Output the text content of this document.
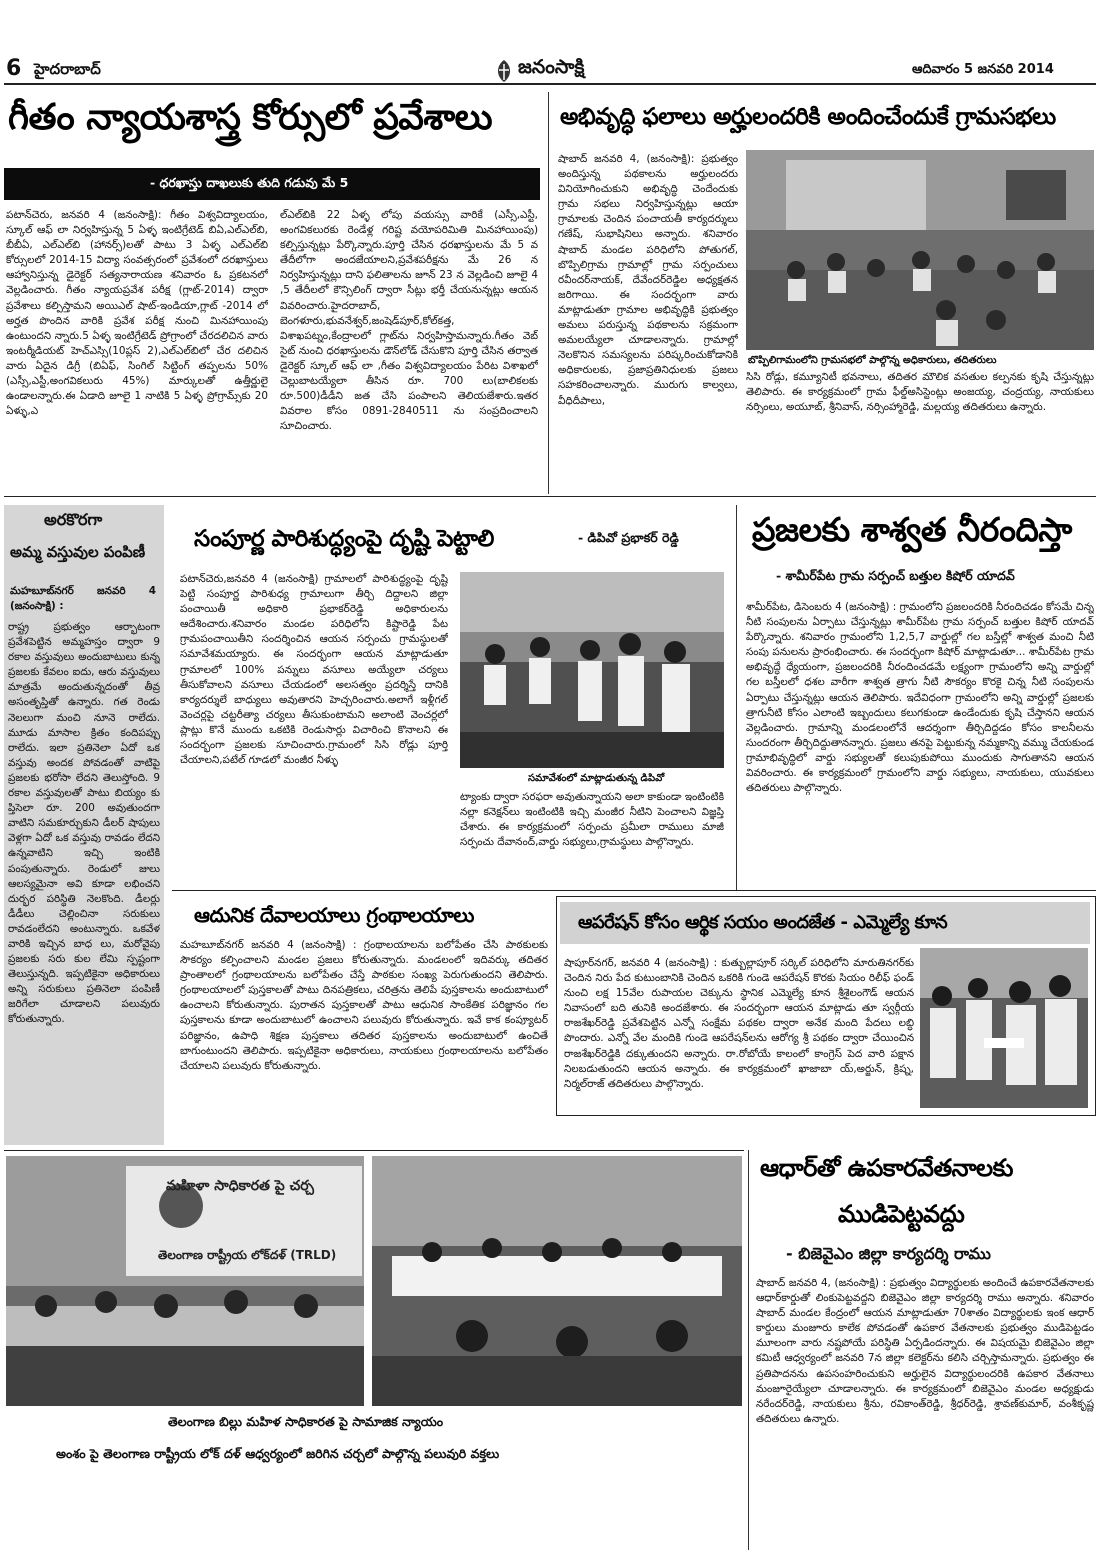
6 హైదరాబాద్	జనంసాక్షి	ఆదివారం 5 జనవరి 2014
గీతం న్యాయశాస్త్ర కోర్సులో ప్రవేశాలు
- ధరఖాస్తు దాఖలుకు తుది గడువు మే 5
పటాన్‌చెరు, జనవరి 4 (జనంసాక్షి): గీతం విశ్వవిద్యాలయం, స్కూల్ ఆఫ్ లా నిర్వహిస్తున్న 5 ఏళ్ళ ఇంటిగ్రేటెడ్ బిఏ,ఎల్ఎల్‌బి, బీబీఏ, ఎల్ఎల్‌బి (హానర్స్)లతో పాటు 3 ఏళ్ళ ఎల్ఎల్‌బి కోర్సులలో 2014-15 విద్యా సంవత్సరంలో ప్రవేశంలో దరఖాస్తులు ఆహ్వానిస్తున్న డైరెక్టర్ సత్యనారాయణ శనివారం ఓ ప్రకటనలో వెల్లడించారు. గీతం న్యాయప్రవేశ పరీక్ష (గ్లాట్-2014) ద్వారా ప్రవేశాలు కల్పిస్తామని అయిఎల్ షాట్-ఇండియా,గ్లాట్ -2014 లో అర్హత పొందిన వారికి ప్రవేశ పరీక్ష నుంచి మినహాయింపు ఉంటుందని న్నారు.5 ఏళ్ళ ఇంటిగ్రేటెడ్ ప్రోగ్రాంలో చేరదలిచిన వారు ఇంటర్మీడియట్ హెచ్ఎస్సి(10ప్లస్ 2),ఎల్ఎల్‌బిలో చేర దలిచిన వారు ఏదైన డిగ్రీ (బిఏ‌ఫ్, సింగిల్ సిట్టింగ్ తప్పలను 50% (ఎస్సీ,ఎస్టీ,అంగవికలురు 45%) మార్కులతో ఉత్తీర్ణులై ఉండాలన్నారు.ఈ ఏడాది జూలై 1 నాటికి 5 ఏళ్ళ ప్రోగ్రామ్స్‌కు 20 ఏళ్ళు,ఎ
ల్ఎల్‌బికి 22 ఏళ్ళ లోపు వయస్సు వారికే (ఎస్సీ,ఎస్టీ, అంగవికలురకు రెండేళ్ల గరిష్ట వయోపరిమితి మినహాయింపు) కల్పిస్తున్నట్లు పేర్కొన్నారు.పూర్తి చేసిన ధరఖాస్తులను మే 5 వ తేదీలోగా అందజేయాలని,ప్రవేశపరీక్షను మే 26 న నిర్వహిస్తున్నట్లు దాని ఫలితాలను జూన్ 23 న వెల్లడించి జూలై 4 ,5 తేదీలలో కౌన్సిలింగ్ ద్వారా సీట్లు భర్తీ చేయనున్నట్లు ఆయన వివరించారు.హైదరాబాద్, బెంగళూరు,భువనేశ్వర్,జంషెడ్‌పూర్,కోల్‌కత్త, విశాఖపట్నం,కేంద్రాలలో గ్లాట్‌ను నిర్వహిస్తామన్నారు.గీతం వెబ్ సైట్ నుంచి ధరఖాస్తులను డౌన్‌లోడ్ చేసుకొని పూర్తి చేసిన తర్వాత డైరెక్టర్ స్కూల్ ఆఫ్ లా ,గీతం విశ్వవిద్యాలయం పేరిట విశాఖలో చెల్లుబాటయ్యేలా తీసిన రూ. 700 లు(బాలికలకు రూ.500)డీడీని జత చేసి పంపాలని తెలియజేశారు.ఇతర వివరాల కోసం 0891-2840511 ను సంప్రదించాలని సూచించారు.
అభివృద్ధి ఫలాలు అర్హులందరికి అందించేందుకే గ్రామసభలు
షాబాద్ జనవరి 4, (జనంసాక్షి): ప్రభుత్వం అందిస్తున్న పథకాలను అర్హులందరు వినియోగించుకుని అభివృద్ధి చెందేందుకు గ్రామ సభలు నిర్వహిస్తున్నట్లు ఆయా గ్రామాలకు చెందిన పంచాయతీ కార్యదర్శులు గణేష్, సుభాషినిలు అన్నారు. శనివారం షాబాద్ మండల పరిధిలోని పోతుగల్, బొప్పిలిగ్రామ గ్రామాల్లో గ్రామ సర్పంచులు రవీందర్‌నాయక్, దేవేందర్‌రెడ్డిల అధ్యక్షతన జరిగాయి. ఈ సందర్భంగా వారు మాట్లాడుతూ గ్రామాల అభివృద్ధికి ప్రభుత్వం అమలు పరుస్తున్న పథకాలను సక్రమంగా అమలయ్యేలా చూడాలన్నారు. గ్రామాల్లో నెలకొనిన సమస్యలను పరిష్కరించుకోడానికి అధికారులకు, ప్రజాప్రతినిధులకు ప్రజలు సహకరించాలన్నారు. మురుగు కాల్వలు, వీధిదీపాలు,
బొప్పిలిగామంలోని గ్రామసభలో పాల్గొన్న అధికారులు, తదితరులు
సిసి రోడ్లు, కమ్యూనిటీ భవనాలు, తదితర మౌలిక వసతుల కల్పనకు కృషి చేస్తున్నట్లు తెలిపారు. ఈ కార్యక్రమంలో గ్రామ ఫీల్డ్‌అసిస్టెంట్లు అంజయ్య, చంద్రయ్య, నాయకులు నర్సింలు, అయూబ్, శ్రీనివాస్, నర్సింహ్మారెడ్డి, మల్లయ్య తదితరులు ఉన్నారు.
అరకొరగా
అమ్మ వస్తువుల పంపిణీ
మహబూబ్‌నగర్ జనవరి 4 (జనంసాక్షి) :
రాష్ట్ర ప్రభుత్వం ఆర్భాటంగా ప్రవేశపెట్టిన అమ్మహస్తం ద్వారా 9 రకాల వస్తువులు అందుబాటులు కున్న ప్రజలకు కేవలం ఐదు, ఆరు వస్తువులు మాత్రమే అందుతున్నదంతో తీవ్ర అసంతృప్తితో ఉన్నారు. గత రెండు నెలలుగా మంచి నూనె రాలేదు. మూడు మాసాల క్రితం కందిపప్పు రాలేదు. ఇలా ప్రతినెలా ఏదో ఒక వస్తువు అందక పోవడంతో వాటిపై ప్రజలకు భరోసా లేదని తెలుస్తోంది. 9 రకాల వస్తువులతో పాటు బియ్యం కు ప్తిసెలా రూ. 200 అవుతుందగా వాటిని సమకూర్చుకుని డీలర్ షాపులు వెళ్లగా ఏదో ఒక వస్తువు రావడం లేదని ఉన్నవాటిని ఇచ్చి ఇంటికి పంపుతున్నారు. రెండులో జులు ఆలస్యమైనా అవి కూడా లభించని దుర్భర పరిస్థితి నెలకొంది. డీలర్లు డీడీలు చెల్లించినా సరుకులు రావడంలేదని అంటున్నారు. ఒకవేళ వారికి ఇచ్చిన బాధ లు, మరోవైపు ప్రజలకు సరు కుల లేమి స్పష్టంగా తెలుస్తున్నది. ఇప్పటికైనా అధికారులు అన్ని సరుకులు ప్రతినెలా పంపిణీ జరిగేలా చూడాలని పలువురు కోరుతున్నారు.
సంపూర్ణ పారిశుద్ధ్యంపై దృష్టి పెట్టాలి	- డిపివో ప్రభాకర్ రెడ్డి
పటాన్‌చెరు,జనవరి 4 (జనంసాక్షి) గ్రామాలలో పారిశుద్ధ్యంపై దృష్టి పెట్టి సంపూర్ణ పారిశుధ్య గ్రామాలుగా తీర్చి దిద్దాలని జిల్లా పంచాయితీ అధికారి ప్రభాకర్‌రెడ్డి అధికారులను ఆదేశించారు.శనివారం మండల పరిధిలోని కిష్టారెడ్డి పేట గ్రామపంచాయితీని సందర్శించిన ఆయన సర్పంచు గ్రామస్థులతో సమావేశమయ్యారు. ఈ సందర్భంగా ఆయన మాట్లాడుతూ గ్రామాలలో 100% పన్నులు వసూలు అయ్యేలా చర్యలు తీసుకోవాలని వసూలు చేయడంలో అలసత్వం ప్రదర్శిస్తే దానికి కార్యదర్శులే బాధ్యులు అవుతారని హెచ్చరించారు.అలాగే ఇళ్లీగల్ వెంచర్లపై చట్టరీత్యా చర్యలు తీసుకుంటామని అలాంటి వెంచర్లలో ప్లాట్లు కొనే ముందు ఒకటికి రెండుసార్లు విచారించి కొనాలని ఈ సందర్భంగా ప్రజలకు సూచించారు.గ్రామంలో సిసి రోడ్లు పూర్తి చేయాలని,పటేల్ గూడలో మంజీర నీళ్ళు
సమావేశంలో మాట్లాడుతున్న డిపివో
ట్యాంకు ద్వారా సరఫరా అవుతున్నాయని అలా కాకుండా ఇంటింటికి నల్లా కనెక్షన్‌లు ఇంటింటికి ఇచ్చి మంజీర నీటిని పెంచాలని విజ్ఞప్తి చేశారు. ఈ కార్యక్రమంలో సర్పంచు ప్రమీలా రాములు మాజీ సర్పంచు దేవానంద్,వార్డు సభ్యులు,గ్రామస్థులు పాల్గొన్నారు.
ప్రజలకు శాశ్వత నీరందిస్తా
- శామీర్‌పేట గ్రామ సర్పంచ్ బత్తుల కిషోర్ యాదవ్
శామీర్‌పేట, డిసెంబరు 4 (జనంసాక్షి) : గ్రామంలోని ప్రజలందరికి నీరందిచడం కోసమే చిన్న నీటి సంపులను ఏర్పాటు చేస్తున్నట్లు శామీర్‌పేట గ్రామ సర్పంచ్ బత్తుల కిషోర్ యాదవ్ పేర్కొన్నారు. శనివారం గ్రామంలోని 1,2,5,7 వార్డుల్లో గల బస్తీల్లో శాశ్వత మంచి నీటి సంపు పనులను ప్రారంభించారు. ఈ సందర్భంగా కిషోర్ మాట్లాడుతూ... శామీర్‌పేట గ్రామ అభివృద్ధే ధ్యేయంగా, ప్రజలందరికి నీరందించడమే లక్ష్యంగా గ్రామంలోని అన్ని వార్డుల్లో గల బస్తీలలో ధశల వారీగా శాశ్వత త్రాగు నీటి సౌకర్యం కొరకై చిన్న నీటి సంపులను ఏర్పాటు చేస్తున్నట్లు ఆయన తెలిపారు. ఇదేవిధంగా గ్రామంలోని అన్ని వార్డుల్లో ప్రజలకు త్రాగునీటి కోసం ఎలాంటి ఇబ్బందులు కలుగకుండా ఉండేందుకు కృషి చేస్తానని ఆయన వెల్లడించారు. గ్రామాన్ని మండలంలోనే ఆదర్శంగా తీర్చిదిద్దడం కోసం కాలనీలను సుందరంగా తీర్చిదిద్దుతానన్నారు. ప్రజలు తనపై పెట్టుకున్న నమ్మకాన్ని వమ్ము చేయకుండ గ్రామాభివృద్ధిలో వార్డు సభ్యులతో కలుపుకుపోయి ముందుకు సాగుతానని ఆయన వివరించారు. ఈ కార్యక్రమంలో గ్రామంలోని వార్డు సభ్యులు, నాయకులు, యువకులు తదితరులు పాల్గొన్నారు.
ఆదునిక దేవాలయాలు గ్రంథాలయాలు
మహబూబ్‌నగర్ జనవరి 4 (జనంసాక్షి) : గ్రంథాలయాలను బలోపేతం చేసి పాఠకులకు సౌకర్యం కల్పించాలని మండల ప్రజలు కోరుతున్నారు. మండలంలో ఇదివర్కు తదితర ప్రాంతాలలో గ్రంథాలయాలను బలోపేతం చేస్తే పాఠకుల సంఖ్య పెరుగుతుందని తెలిపారు. గ్రంథాలయాలలో పుస్తకాలతో పాటు దినపత్రికలు, చరిత్రను తెలిపే పుస్తకాలను అందుబాటులో ఉంచాలని కోరుతున్నారు. పురాతన పుస్తకాలతో పాటు ఆధునిక సాంకేతిక పరిజ్ఞానం గల పుస్తకాలను కూడా అందుబాటులో ఉంచాలని పలువురు కోరుతున్నారు. ఇవే కాక కంప్యూటర్ పరిజ్ఞానం, ఉపాధి శిక్షణ పుస్తకాలు తదితర పుస్తకాలను అందుబాటులో ఉంచితే బాగుంటుందని తెలిపారు. ఇప్పటికైనా అధికారులు, నాయకులు గ్రంథాలయాలను బలోపేతం చేయాలని పలువురు కోరుతున్నారు.
ఆపరేషన్ కోసం ఆర్థిక సయం అందజేత - ఎమ్మెల్యే కూన
షాపూర్‌నగర్, జనవరి 4 (జనంసాక్షి) : కుత్బుల్లాపూర్ సర్కిల్ పరిధిలోని మారుతినగర్‌కు చెందిన నిరు పేద కుటుంబానికి చెందిన ఒకరికి గుండె ఆపరేషన్ కొరకు సియం రిలీఫ్ ఫండ్ నుంచి లక్ష 15వేల రుపాయల చెక్కును స్థానిక ఎమ్మెల్యే కూన శ్రీశైలంగౌడ్ ఆయన నివాసంలో బది తునికి అందజేశారు. ఈ సందర్భంగా ఆయన మాట్లాడు తూ స్వర్గీయ రాజశేఖర్‌రెడ్డి ప్రవేశపెట్టిన ఎన్నో సంక్షేమ పథకల ద్వారా అనేక మంది పేదలు లబ్ధి పొందారు. ఎన్నో వేల మందికి గుండె ఆపరేషన్‌లను ఆరోగ్య శ్రీ పథకం ద్వారా చేయించిన రాజశేఖర్‌రెడ్డికి దక్కుతుందని అన్నారు. రా.రోబోయే కాలంలో కాంగ్రెస్ పెద వారి పక్షాన నిలబడుతుందని ఆయన అన్నారు. ఈ కార్యక్రమంలో ఖాజాబా య్,అర్జున్, క్రిష్న, నిర్మల్‌రాజ్ తదితరులు పాల్గొన్నారు.
మహిళా సాధికారత పై చర్చ
తెలంగాణ రాష్ట్రీయ లోక్‌దళ్ (TRLD)
తెలంగాణ బిల్లు మహిళ సాధికారత పై సామాజిక న్యాయం
అంశం పై తెలంగాణ రాష్ట్రీయ లోక్ దళ్ ఆధ్వర్యంలో జరిగిన చర్చలో పాల్గొన్న పలువురి వక్తలు
ఆధార్‌తో ఉపకారవేతనాలకు
ముడిపెట్టవద్దు
- బిజెవైఎం జిల్లా కార్యదర్శి రాము
షాబాద్ జనవరి 4, (జనంసాక్షి) : ప్రభుత్వం విద్యార్థులకు అందించే ఉపకారవేతనాలకు ఆధార్‌కార్డుతో లింకుపెట్టవద్దని బిజెవైఎం జిల్లా కార్యదర్శి రాము అన్నారు. శనివారం షాబాద్ మండల కేంద్రంలో ఆయన మాట్లాడుతూ 70శాతం విద్యార్థులకు ఇంక ఆధార్ కార్డులు మంజూరు కాలేక పోవడంతో ఉపకార వేతనాలకు ప్రభుత్వం ముడిపెట్టడం మూలంగా వారు నష్టపోయే పరిస్థితి ఏర్పడిందన్నారు. ఈ విషయమై బిజెవైఎం జిల్లా కమిటీ ఆధ్వర్యంలో జనవరి 7న జిల్లా కలెక్టర్‌ను కలిసి చర్చిస్తామన్నారు. ప్రభుత్వం ఈ ప్రతిపాదనను ఉపసంహరించుకుని అర్హులైన విద్యార్థులందరికి ఉపకార వేతనాలు మంజూరైయ్యేలా చూడాలన్నారు. ఈ కార్యక్రమంలో బిజెవైఎం మండల అధ్యక్షుడు నరేందర్‌రెడ్డి, నాయకులు శ్రీను, రవికాంత్‌రెడ్డి, శ్రీధర్‌రెడ్డి, శ్రావణ్‌కుమార్, వంశీకృష్ణ తదితరులు ఉన్నారు.
